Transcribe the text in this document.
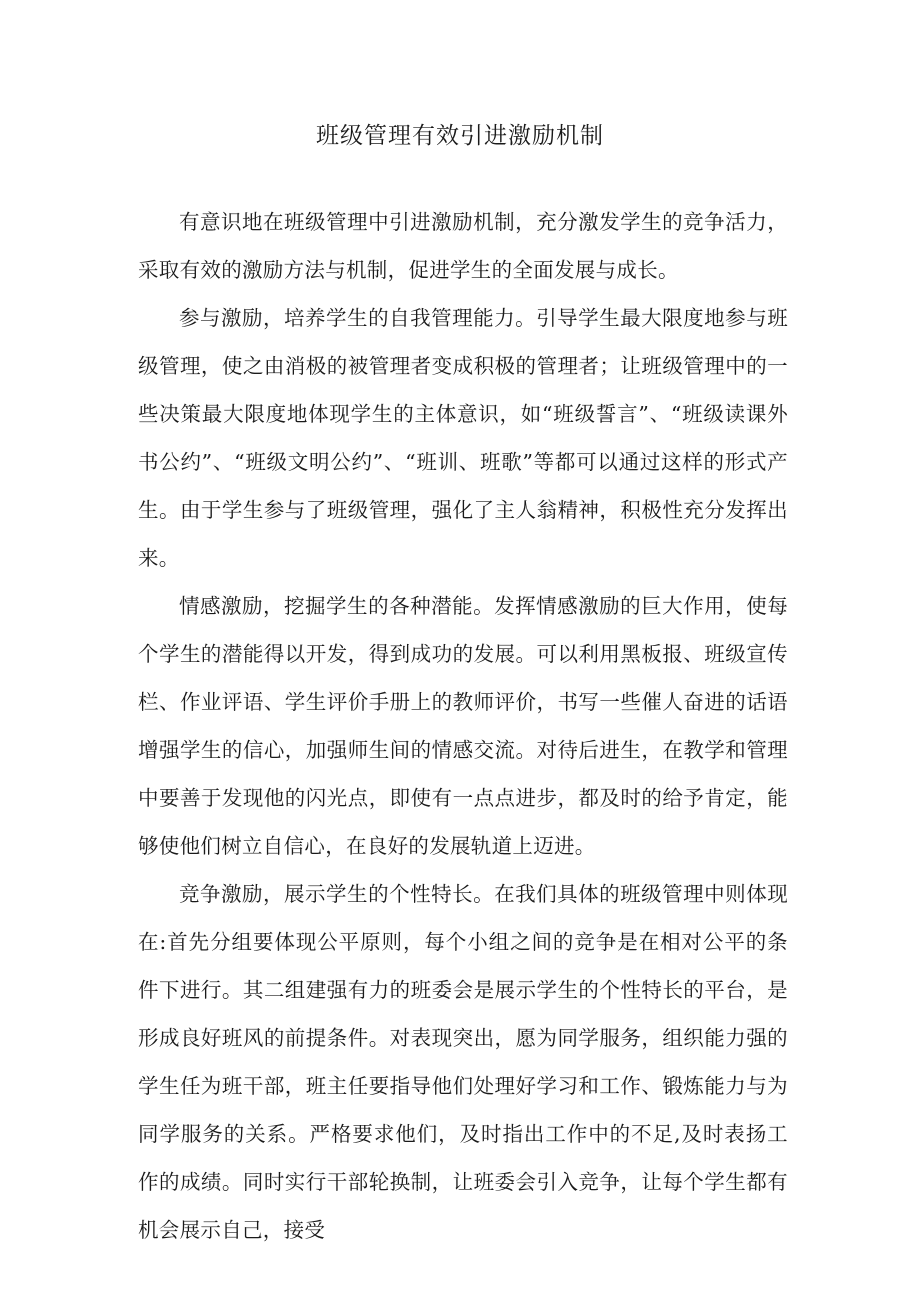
班级管理有效引进激励机制

有意识地在班级管理中引进激励机制，充分激发学生的竞争活力，采取有效的激励方法与机制，促进学生的全面发展与成长。

参与激励，培养学生的自我管理能力。引导学生最大限度地参与班级管理，使之由消极的被管理者变成积极的管理者；让班级管理中的一些决策最大限度地体现学生的主体意识，如“班级誓言”、“班级读课外书公约”、“班级文明公约”、“班训、班歌”等都可以通过这样的形式产生。由于学生参与了班级管理，强化了主人翁精神，积极性充分发挥出来。

情感激励，挖掘学生的各种潜能。发挥情感激励的巨大作用，使每个学生的潜能得以开发，得到成功的发展。可以利用黑板报、班级宣传栏、作业评语、学生评价手册上的教师评价，书写一些催人奋进的话语增强学生的信心，加强师生间的情感交流。对待后进生，在教学和管理中要善于发现他的闪光点，即使有一点点进步，都及时的给予肯定，能够使他们树立自信心，在良好的发展轨道上迈进。

竞争激励，展示学生的个性特长。在我们具体的班级管理中则体现在:首先分组要体现公平原则，每个小组之间的竞争是在相对公平的条件下进行。其二组建强有力的班委会是展示学生的个性特长的平台，是形成良好班风的前提条件。对表现突出，愿为同学服务，组织能力强的学生任为班干部，班主任要指导他们处理好学习和工作、锻炼能力与为同学服务的关系。严格要求他们，及时指出工作中的不足,及时表扬工作的成绩。同时实行干部轮换制，让班委会引入竞争，让每个学生都有机会展示自己，接受
